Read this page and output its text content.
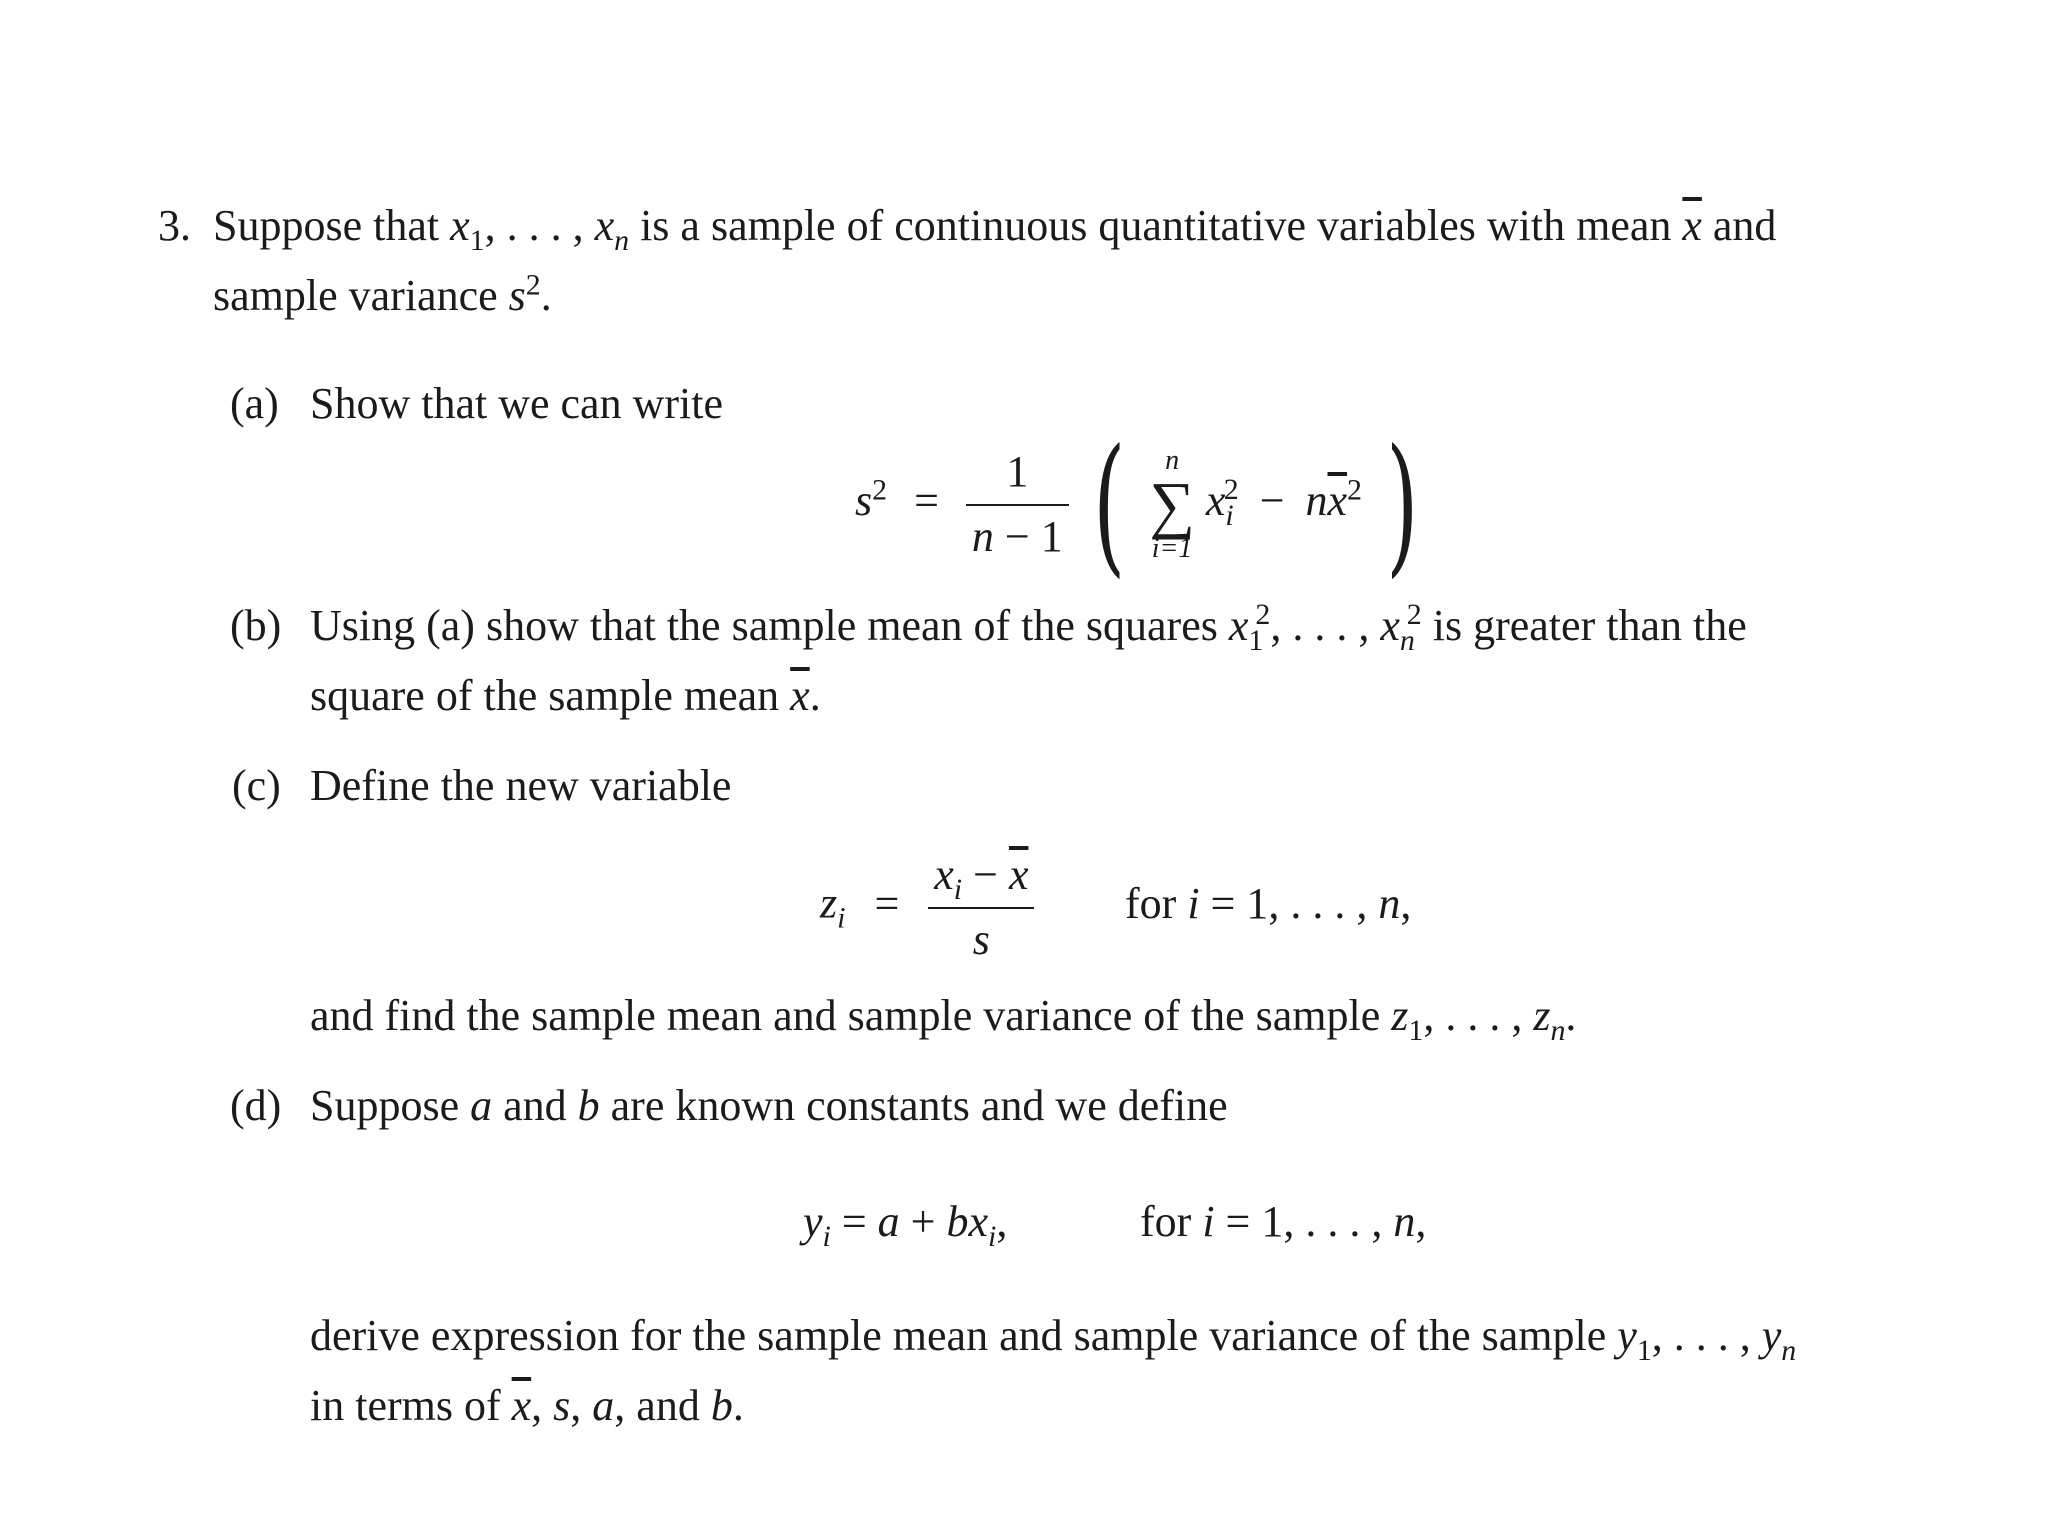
3. Suppose that $x_1$, . . . , $x_n$ is a sample of continuous quantitative variables with mean $\overline{x}$ and
sample variance $s^2$.
(a) Show that we can write
$s^2 = \frac{1}{n - 1}$ ( n
∑
i=1
$x_i^2 - n\overline{x}^2$ )
(b) Using (a) show that the sample mean of the squares $x_1^2$, . . . , $x_n^2$ is greater than the
square of the sample mean $\overline{x}$.
(c) Define the new variable
$z_i = \frac{x_i - \overline{x}}{s}$ for i = 1, . . . , n,
and find the sample mean and sample variance of the sample $z_1$, . . . , $z_n$.
(d) Suppose a and b are known constants and we define
$y_i = a + bx_i$,	for i = 1, . . . , n,
derive expression for the sample mean and sample variance of the sample $y_1$, . . . , $y_n$
in terms of $\overline{x}$, s, a, and b.
